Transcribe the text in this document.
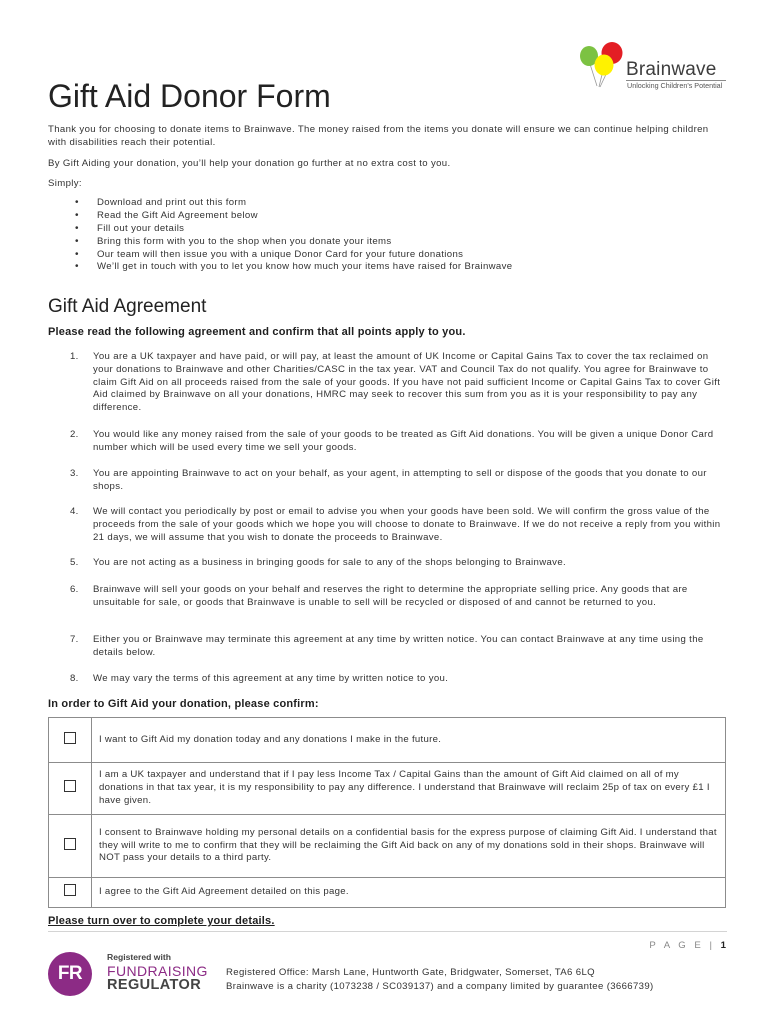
Brainwave
Unlocking Children's Potential
Gift Aid Donor Form

Thank you for choosing to donate items to Brainwave. The money raised from the items you donate will ensure we can continue helping children with disabilities reach their potential.

By Gift Aiding your donation, you’ll help your donation go further at no extra cost to you.

Simply:

• Download and print out this form
• Read the Gift Aid Agreement below
• Fill out your details
• Bring this form with you to the shop when you donate your items
• Our team will then issue you with a unique Donor Card for your future donations
• We’ll get in touch with you to let you know how much your items have raised for Brainwave
Gift Aid Agreement

Please read the following agreement and confirm that all points apply to you.

1. You are a UK taxpayer and have paid, or will pay, at least the amount of UK Income or Capital Gains Tax to cover the tax reclaimed on your donations to Brainwave and other Charities/CASC in the tax year. VAT and Council Tax do not qualify. You agree for Brainwave to claim Gift Aid on all proceeds raised from the sale of your goods. If you have not paid sufficient Income or Capital Gains Tax to cover Gift Aid claimed by Brainwave on all your donations, HMRC may seek to recover this sum from you as it is your responsibility to pay any difference.
2. You would like any money raised from the sale of your goods to be treated as Gift Aid donations. You will be given a unique Donor Card number which will be used every time we sell your goods.
3. You are appointing Brainwave to act on your behalf, as your agent, in attempting to sell or dispose of the goods that you donate to our shops.
4. We will contact you periodically by post or email to advise you when your goods have been sold. We will confirm the gross value of the proceeds from the sale of your goods which we hope you will choose to donate to Brainwave. If we do not receive a reply from you within 21 days, we will assume that you wish to donate the proceeds to Brainwave.
5. You are not acting as a business in bringing goods for sale to any of the shops belonging to Brainwave.
6. Brainwave will sell your goods on your behalf and reserves the right to determine the appropriate selling price. Any goods that are unsuitable for sale, or goods that Brainwave is unable to sell will be recycled or disposed of and cannot be returned to you.
7. Either you or Brainwave may terminate this agreement at any time by written notice. You can contact Brainwave at any time using the details below.
8. We may vary the terms of this agreement at any time by written notice to you.

In order to Gift Aid your donation, please confirm:

	I want to Gift Aid my donation today and any donations I make in the future.
	I am a UK taxpayer and understand that if I pay less Income Tax / Capital Gains than the amount of Gift Aid claimed on all of my donations in that tax year, it is my responsibility to pay any difference. I understand that Brainwave will reclaim 25p of tax on every £1 I have given.
	I consent to Brainwave holding my personal details on a confidential basis for the express purpose of claiming Gift Aid. I understand that they will write to me to confirm that they will be reclaiming the Gift Aid back on any of my donations sold in their shops. Brainwave will NOT pass your details to a third party.
	I agree to the Gift Aid Agreement detailed on this page.

Please turn over to complete your details.

P A G E | 1
FR
Registered with
FUNDRAISING
REGULATOR
Registered Office: Marsh Lane, Huntworth Gate, Bridgwater, Somerset, TA6 6LQ
Brainwave is a charity (1073238 / SC039137) and a company limited by guarantee (3666739)
